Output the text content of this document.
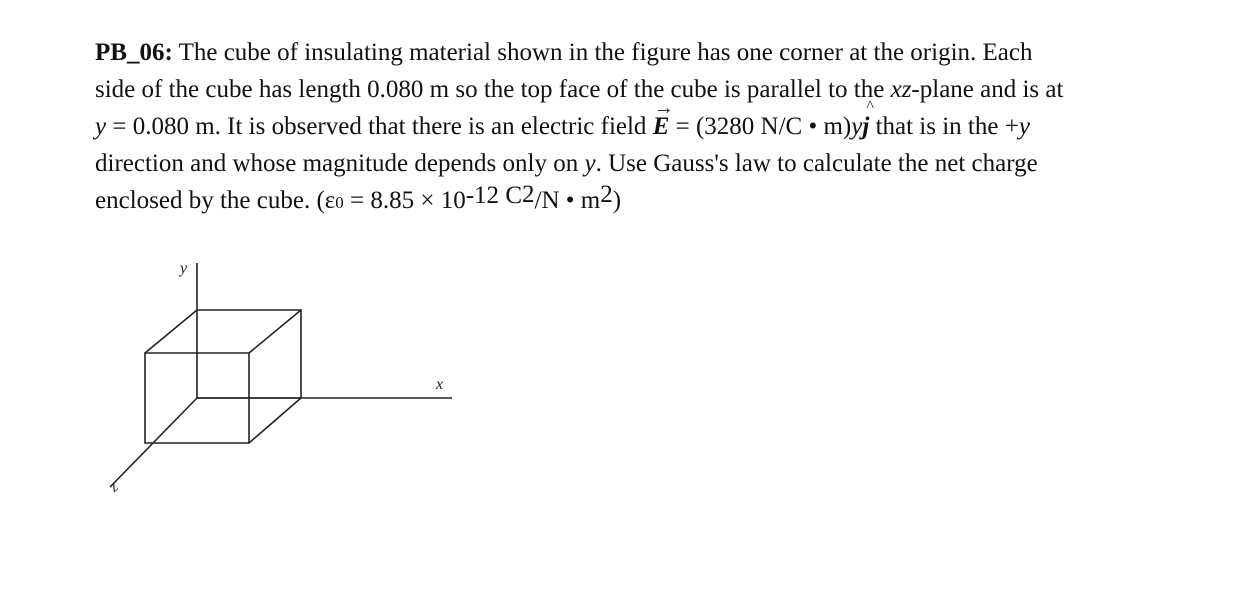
PB_06: The cube of insulating material shown in the figure has one corner at the origin. Each
side of the cube has length 0.080 m so the top face of the cube is parallel to the xz-plane and is at
y = 0.080 m. It is observed that there is an electric field
→
E = (3280 N/C • m)y
^
j that is in the +y
direction and whose magnitude depends only on y. Use Gauss's law to calculate the net charge
enclosed by the cube. (ε0 = 8.85 × 10-12 C2/N • m2)
y
x
z
